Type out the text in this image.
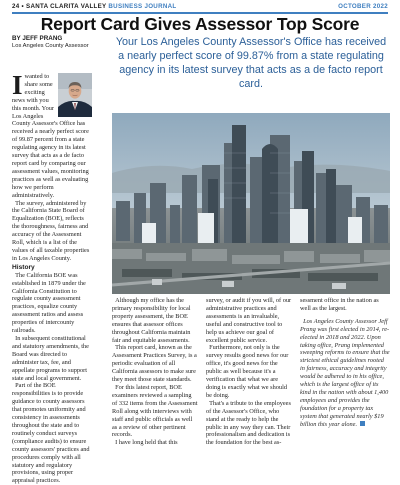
24 • SANTA CLARITA VALLEY BUSINESS JOURNAL	OCTOBER 2022
Report Card Gives Assessor Top Score
BY JEFF PRANG
Los Angeles County Assessor	Your Los Angeles County Assessor's Office has received a nearly perfect score of 99.87% from a state regulating agency in its latest survey that acts as a de facto report card.

Iwanted to share some exciting news with you this month. Your Los Angeles County Assessor's Office has received a nearly perfect score of 99.87 percent from a state regulating agency in its latest survey that acts as a de facto report card by comparing our assessment values, monitoring practices as well as evaluating how we perform administratively.

The survey, administered by the California State Board of Equalization (BOE), reflects the thoroughness, fairness and accuracy of the Assessment Roll, which is a list of the values of all taxable properties in Los Angeles County.

History

The California BOE was established in 1879 under the California Constitution to regulate county assessment practices, equalize county assessment ratios and assess properties of intercounty railroads.

In subsequent constitutional and statutory amendments, the Board was directed to administer tax, fee, and appellate programs to support state and local government.

Part of the BOE responsibilities is to provide guidance to county assessors that promotes uniformity and consistency in assessments throughout the state and to routinely conduct surveys (compliance audits) to ensure county assessors' practices and procedures comply with all statutory and regulatory provisions, using proper appraisal practices.

Although my office has the primary responsibility for local property assessment, the BOE ensures that assessor offices throughout California maintain fair and equitable assessments.

This report card, known as the Assessment Practices Survey, is a periodic evaluation of all California assessors to make sure they meet those state standards.

For this latest report, BOE examiners reviewed a sampling of 332 items from the Assessment Roll along with interviews with staff and public officials as well as a review of other pertinent records.

I have long held that this

survey, or audit if you will, of our administrative practices and assessments is an invaluable, useful and constructive tool to help us achieve our goal of excellent public service.

Furthermore, not only is the survey results good news for our office, it's good news for the public as well because it's a verification that what we are doing is exactly what we should be doing.

That's a tribute to the employees of the Assessor's Office, who stand at the ready to help the public in any way they can. Their professionalism and dedication is the foundation for the best as-

sessment office in the nation as well as the largest.

Los Angeles County Assessor Jeff Prang was first elected in 2014, re-elected in 2018 and 2022. Upon taking office, Prang implemented sweeping reforms to ensure that the strictest ethical guidelines rooted in fairness, accuracy and integrity would be adhered to in his office, which is the largest office of its kind in the nation with about 1,400 employees and provides the foundation for a property tax system that generated nearly $19 billion this year alone.
